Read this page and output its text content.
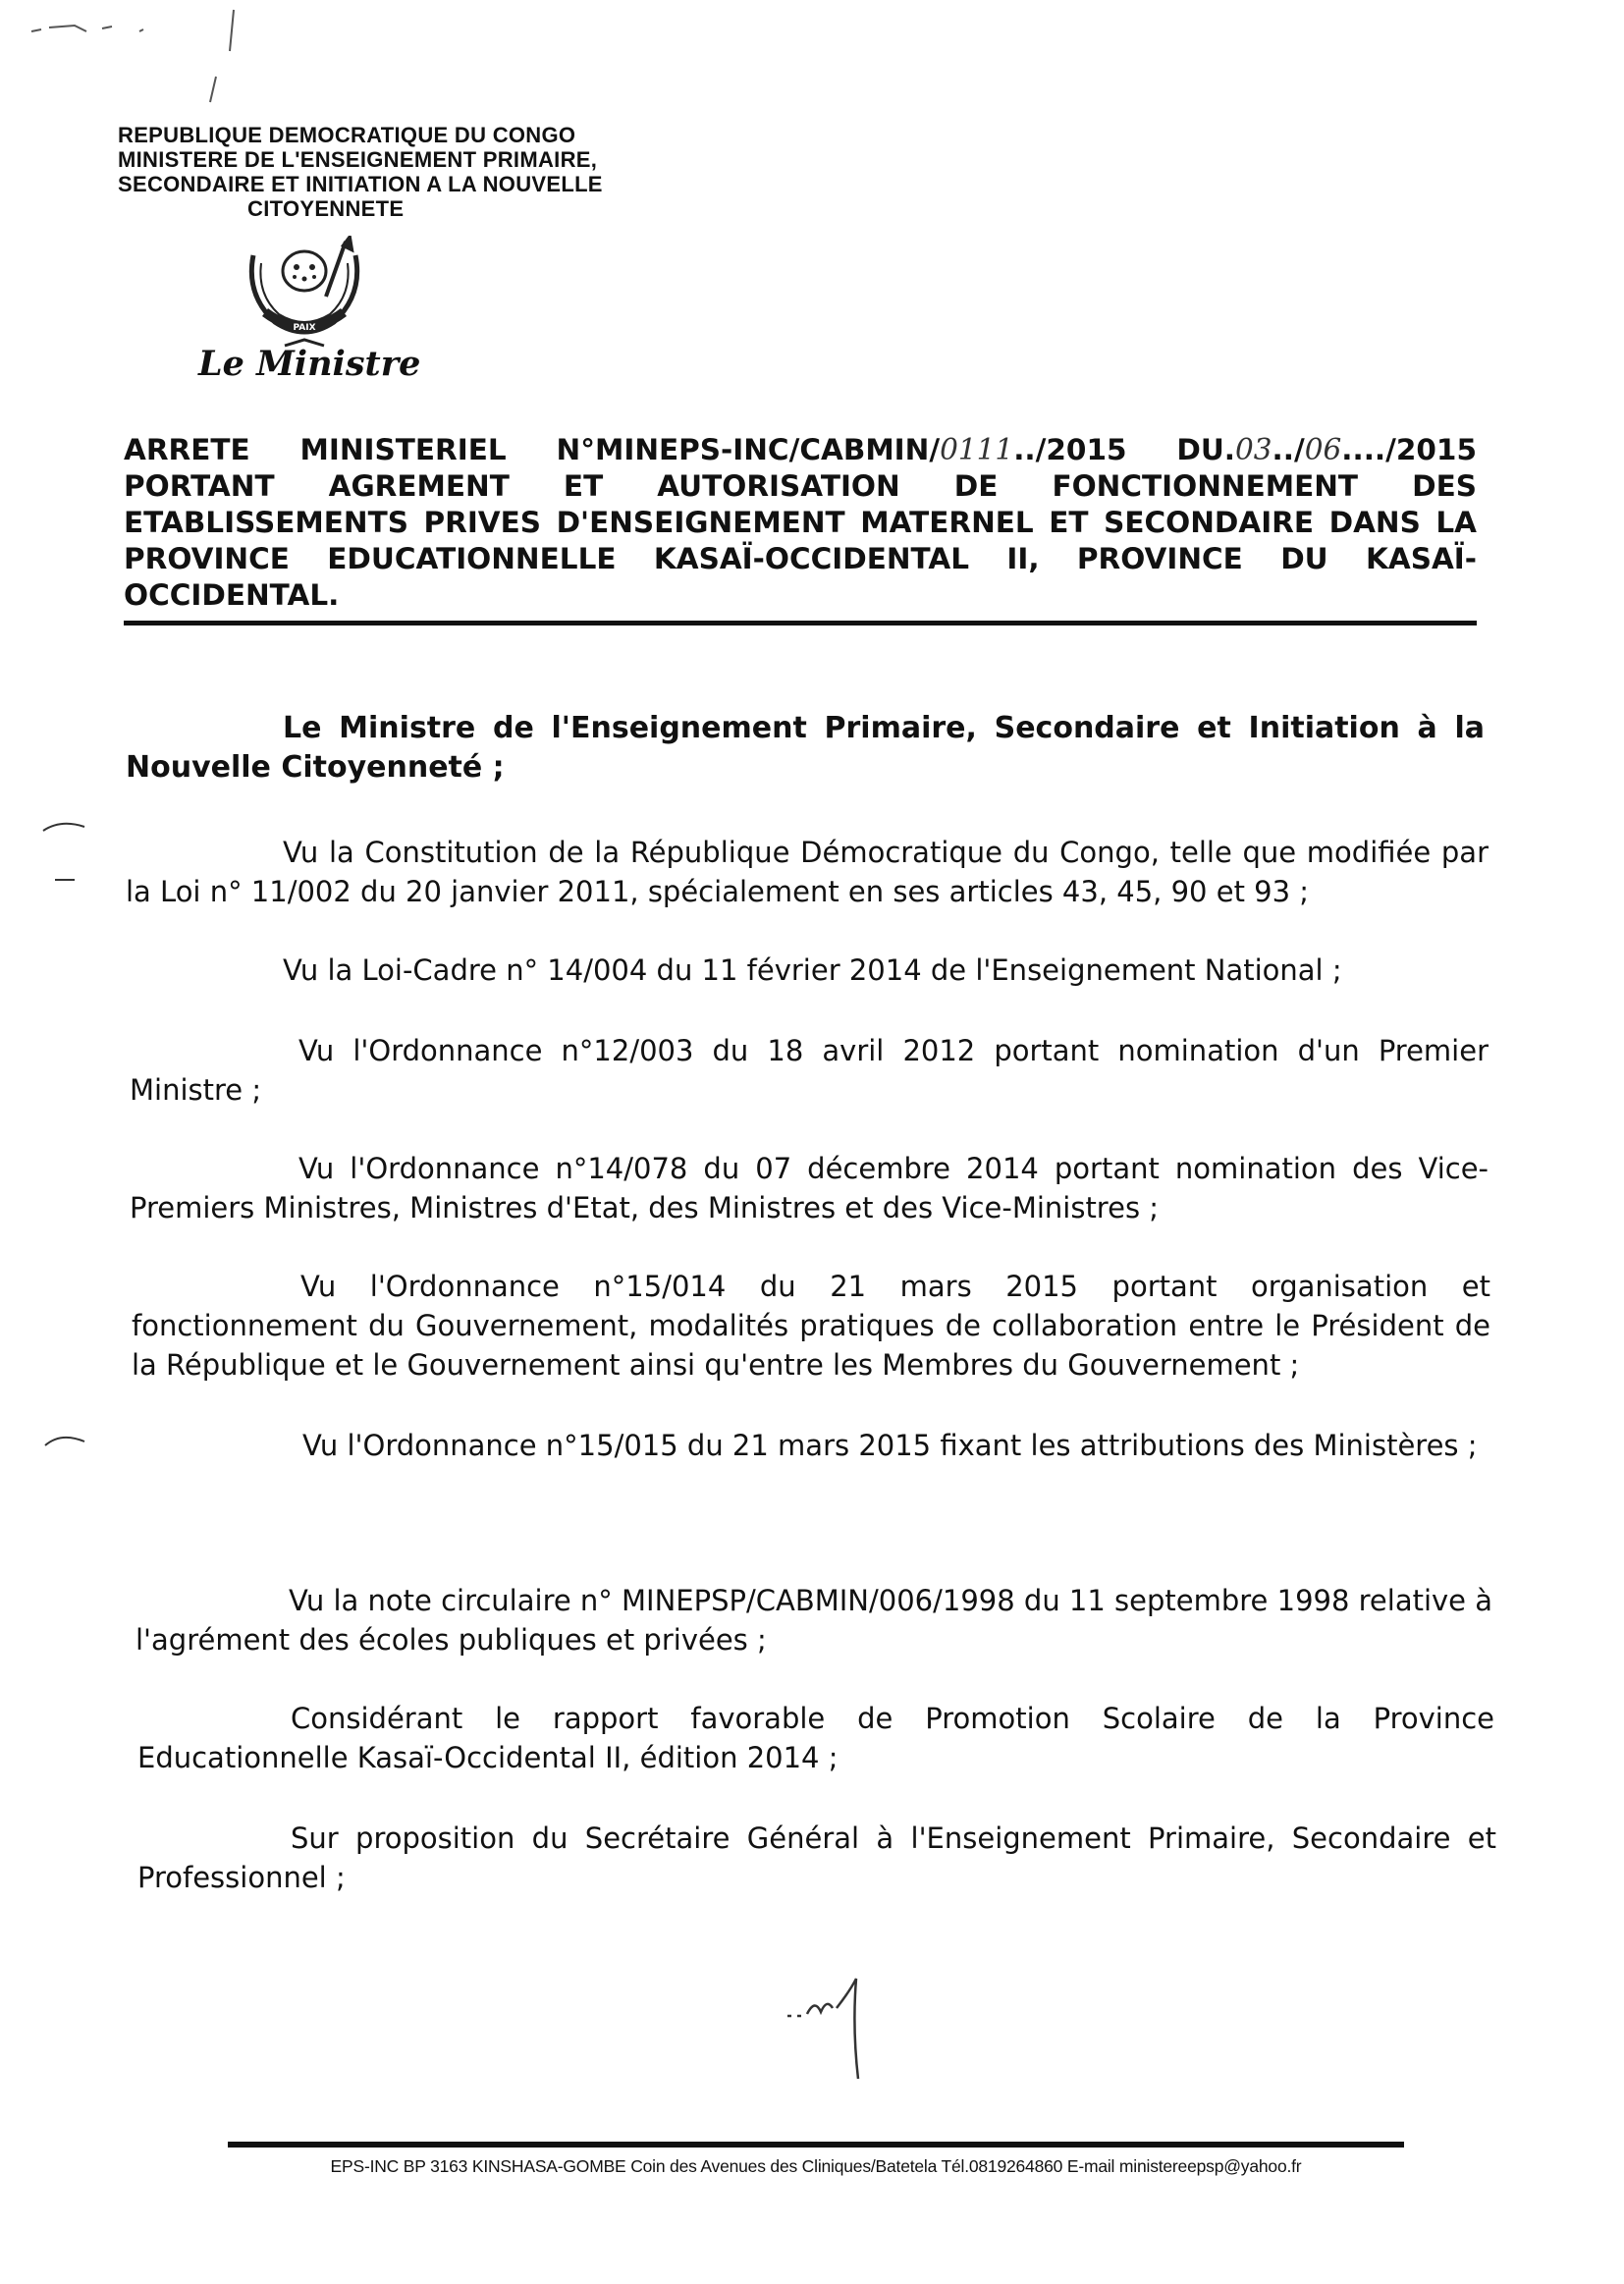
REPUBLIQUE DEMOCRATIQUE DU CONGO
MINISTERE DE L'ENSEIGNEMENT PRIMAIRE,
SECONDAIRE ET INITIATION A LA NOUVELLE
CITOYENNETE
PAIX
Le Ministre
ARRETE MINISTERIEL N°MINEPS-INC/CABMIN/0111../2015 DU.03../06..../2015 PORTANT AGREMENT ET AUTORISATION DE FONCTIONNEMENT DES ETABLISSEMENTS PRIVES D'ENSEIGNEMENT MATERNEL ET SECONDAIRE DANS LA PROVINCE EDUCATIONNELLE KASAÏ-OCCIDENTAL II, PROVINCE DU KASAÏ-OCCIDENTAL.
Le Ministre de l'Enseignement Primaire, Secondaire et Initiation à la Nouvelle Citoyenneté ;
Vu la Constitution de la République Démocratique du Congo, telle que modifiée par la Loi n° 11/002 du 20 janvier 2011, spécialement en ses articles 43, 45, 90 et 93 ;
Vu la Loi-Cadre n° 14/004 du 11 février 2014 de l'Enseignement National ;
Vu l'Ordonnance n°12/003 du 18 avril 2012 portant nomination d'un Premier Ministre ;
Vu l'Ordonnance n°14/078 du 07 décembre 2014 portant nomination des Vice-Premiers Ministres, Ministres d'Etat, des Ministres et des Vice-Ministres ;
Vu l'Ordonnance n°15/014 du 21 mars 2015 portant organisation et fonctionnement du Gouvernement, modalités pratiques de collaboration entre le Président de la République et le Gouvernement ainsi qu'entre les Membres du Gouvernement ;
Vu l'Ordonnance n°15/015 du 21 mars 2015 fixant les attributions des Ministères ;
Vu la note circulaire n° MINEPSP/CABMIN/006/1998 du 11 septembre 1998 relative à l'agrément des écoles publiques et privées ;
Considérant le rapport favorable de Promotion Scolaire de la Province Educationnelle Kasaï-Occidental II, édition 2014 ;
Sur proposition du Secrétaire Général à l'Enseignement Primaire, Secondaire et Professionnel ;
EPS-INC BP 3163 KINSHASA-GOMBE Coin des Avenues des Cliniques/Batetela Tél.0819264860 E-mail ministereepsp@yahoo.fr
